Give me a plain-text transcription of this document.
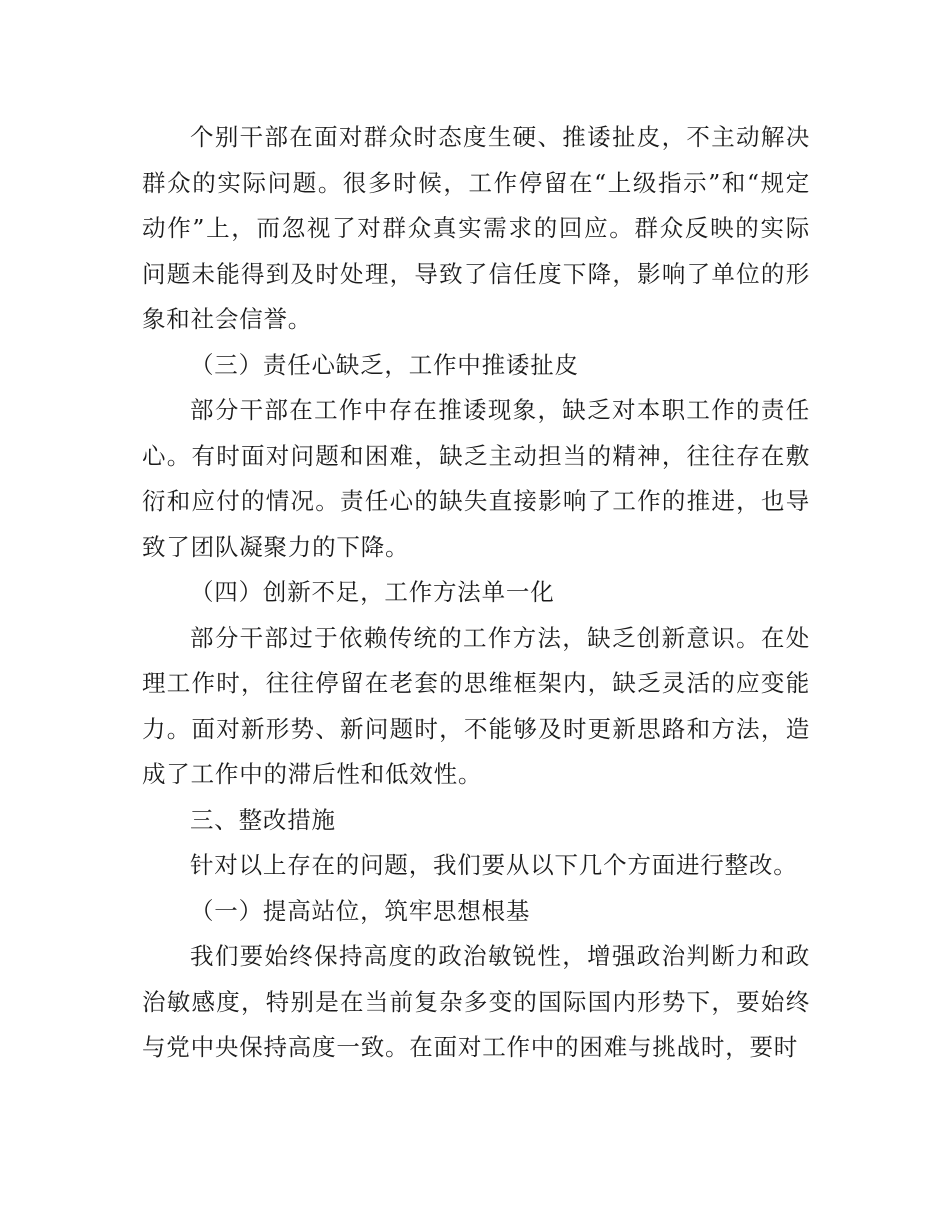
个别干部在面对群众时态度生硬、推诿扯皮，不主动解决群众的实际问题。很多时候，工作停留在“上级指示”和“规定动作”上，而忽视了对群众真实需求的回应。群众反映的实际问题未能得到及时处理，导致了信任度下降，影响了单位的形象和社会信誉。

（三）责任心缺乏，工作中推诿扯皮

部分干部在工作中存在推诿现象，缺乏对本职工作的责任心。有时面对问题和困难，缺乏主动担当的精神，往往存在敷衍和应付的情况。责任心的缺失直接影响了工作的推进，也导致了团队凝聚力的下降。

（四）创新不足，工作方法单一化

部分干部过于依赖传统的工作方法，缺乏创新意识。在处理工作时，往往停留在老套的思维框架内，缺乏灵活的应变能力。面对新形势、新问题时，不能够及时更新思路和方法，造成了工作中的滞后性和低效性。

三、整改措施

针对以上存在的问题，我们要从以下几个方面进行整改。

（一）提高站位，筑牢思想根基

我们要始终保持高度的政治敏锐性，增强政治判断力和政治敏感度，特别是在当前复杂多变的国际国内形势下，要始终与党中央保持高度一致。在面对工作中的困难与挑战时，要时
